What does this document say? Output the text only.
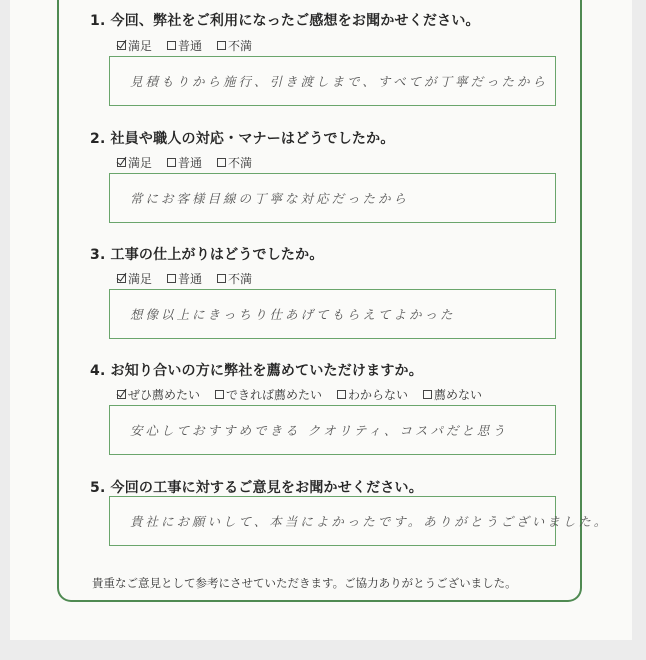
1. 今回、弊社をご利用になったご感想をお聞かせください。
満足 普通 不満
見積もりから施行、引き渡しまで、すべてが丁寧だったから
2. 社員や職人の対応・マナーはどうでしたか。
満足 普通 不満
常にお客様目線の丁寧な対応だったから
3. 工事の仕上がりはどうでしたか。
満足 普通 不満
想像以上にきっちり仕あげてもらえてよかった
4. お知り合いの方に弊社を薦めていただけますか。
ぜひ薦めたい できれば薦めたい わからない 薦めない
安心しておすすめできる クオリティ、コスパだと思う
5. 今回の工事に対するご意見をお聞かせください。
貴社にお願いして、本当によかったです。ありがとうございました。
貴重なご意見として参考にさせていただきます。ご協力ありがとうございました。
